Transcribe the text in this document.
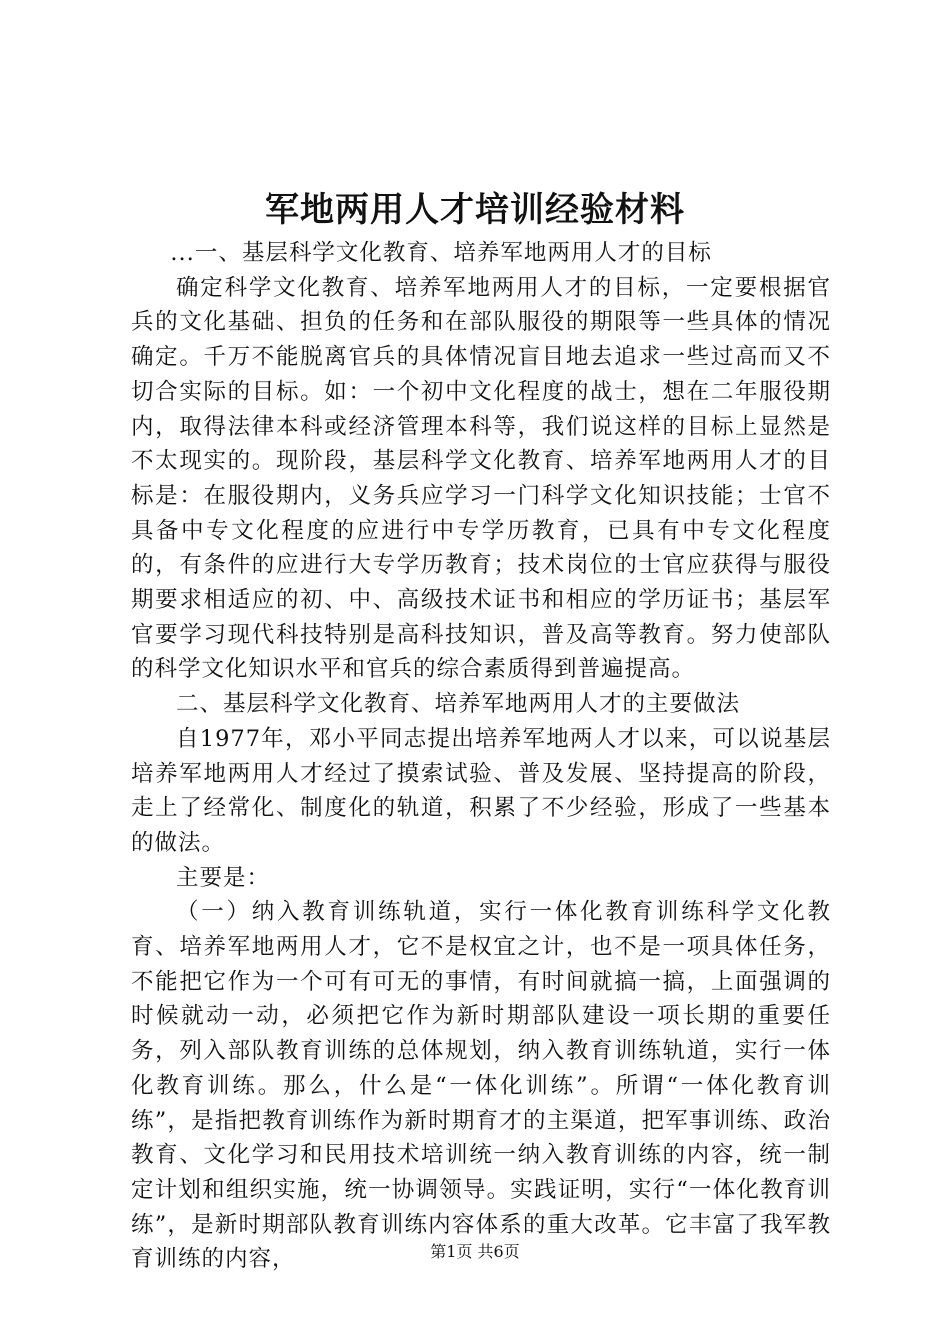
军地两用人才培训经验材料

...一、基层科学文化教育、培养军地两用人才的目标

确定科学文化教育、培养军地两用人才的目标，一定要根据官兵的文化基础、担负的任务和在部队服役的期限等一些具体的情况确定。千万不能脱离官兵的具体情况盲目地去追求一些过高而又不切合实际的目标。如：一个初中文化程度的战士，想在二年服役期内，取得法律本科或经济管理本科等，我们说这样的目标上显然是不太现实的。现阶段，基层科学文化教育、培养军地两用人才的目标是：在服役期内，义务兵应学习一门科学文化知识技能；士官不具备中专文化程度的应进行中专学历教育，已具有中专文化程度的，有条件的应进行大专学历教育；技术岗位的士官应获得与服役期要求相适应的初、中、高级技术证书和相应的学历证书；基层军官要学习现代科技特别是高科技知识，普及高等教育。努力使部队的科学文化知识水平和官兵的综合素质得到普遍提高。

二、基层科学文化教育、培养军地两用人才的主要做法

自1977年，邓小平同志提出培养军地两人才以来，可以说基层培养军地两用人才经过了摸索试验、普及发展、坚持提高的阶段，走上了经常化、制度化的轨道，积累了不少经验，形成了一些基本的做法。

主要是：

（一）纳入教育训练轨道，实行一体化教育训练科学文化教育、培养军地两用人才，它不是权宜之计，也不是一项具体任务，不能把它作为一个可有可无的事情，有时间就搞一搞，上面强调的时候就动一动，必须把它作为新时期部队建设一项长期的重要任务，列入部队教育训练的总体规划，纳入教育训练轨道，实行一体化教育训练。那么，什么是“一体化训练”。所谓“一体化教育训练”，是指把教育训练作为新时期育才的主渠道，把军事训练、政治教育、文化学习和民用技术培训统一纳入教育训练的内容，统一制定计划和组织实施，统一协调领导。实践证明，实行“一体化教育训练”，是新时期部队教育训练内容体系的重大改革。它丰富了我军教育训练的内容，	第1页 共6页
